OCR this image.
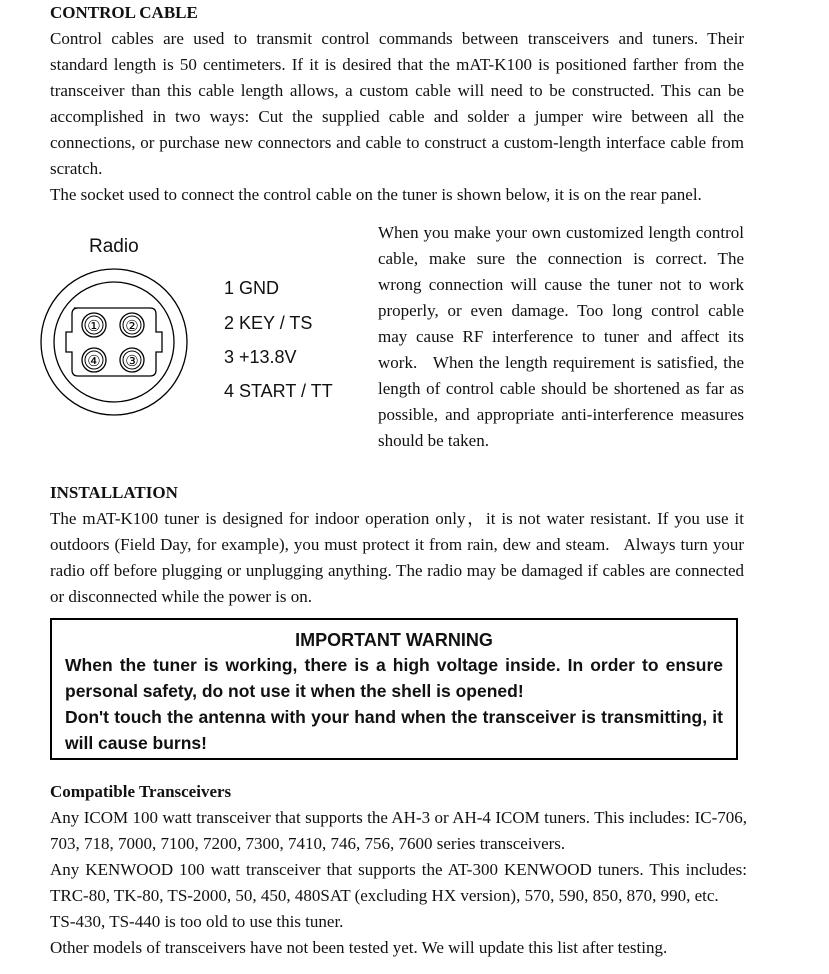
CONTROL CABLE

Control cables are used to transmit control commands between transceivers and tuners. Their standard length is 50 centimeters. If it is desired that the mAT-K100 is positioned farther from the transceiver than this cable length allows, a custom cable will need to be constructed. This can be accomplished in two ways: Cut the supplied cable and solder a jumper wire between all the connections, or purchase new connectors and cable to construct a custom-length interface cable from scratch.

The socket used to connect the control cable on the tuner is shown below, it is on the rear panel.

Radio
① ②
④ ③
1 GND
2 KEY / TS
3 +13.8V
4 START / TT

When you make your own customized length control cable, make sure the connection is correct. The wrong connection will cause the tuner not to work properly, or even damage. Too long control cable may cause RF interference to tuner and affect its work.   When the length requirement is satisfied, the length of control cable should be shortened as far as possible, and appropriate anti-interference measures should be taken.

INSTALLATION

The mAT-K100 tuner is designed for indoor operation only，it is not water resistant. If you use it outdoors (Field Day, for example), you must protect it from rain, dew and steam.   Always turn your radio off before plugging or unplugging anything. The radio may be damaged if cables are connected or disconnected while the power is on.

IMPORTANT WARNING
When the tuner is working, there is a high voltage inside. In order to ensure personal safety, do not use it when the shell is opened!
Don't touch the antenna with your hand when the transceiver is transmitting, it will cause burns!

Compatible Transceivers

Any ICOM 100 watt transceiver that supports the AH-3 or AH-4 ICOM tuners. This includes: IC-706, 703, 718, 7000, 7100, 7200, 7300, 7410, 746, 756, 7600 series transceivers.

Any KENWOOD 100 watt transceiver that supports the AT-300 KENWOOD tuners. This includes: TRC-80, TK-80, TS-2000, 50, 450, 480SAT (excluding HX version), 570, 590, 850, 870, 990, etc.

TS-430, TS-440 is too old to use this tuner.

Other models of transceivers have not been tested yet. We will update this list after testing.
